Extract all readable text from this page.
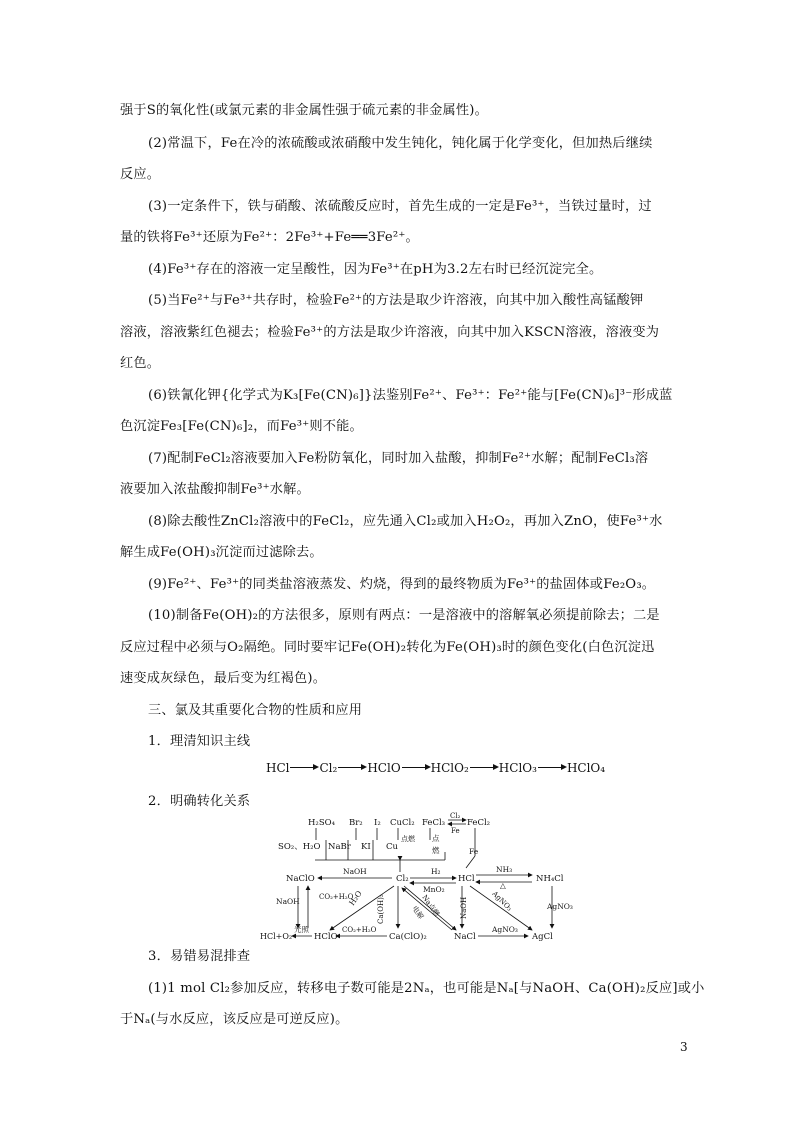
强于S的氧化性(或氯元素的非金属性强于硫元素的非金属性)。
(2)常温下，Fe在冷的浓硫酸或浓硝酸中发生钝化，钝化属于化学变化，但加热后继续
反应。
(3)一定条件下，铁与硝酸、浓硫酸反应时，首先生成的一定是Fe³⁺，当铁过量时，过
量的铁将Fe³⁺还原为Fe²⁺：2Fe³⁺+Fe══3Fe²⁺。
(4)Fe³⁺存在的溶液一定呈酸性，因为Fe³⁺在pH为3.2左右时已经沉淀完全。
(5)当Fe²⁺与Fe³⁺共存时，检验Fe²⁺的方法是取少许溶液，向其中加入酸性高锰酸钾
溶液，溶液紫红色褪去；检验Fe³⁺的方法是取少许溶液，向其中加入KSCN溶液，溶液变为
红色。
(6)铁氰化钾{化学式为K₃[Fe(CN)₆]}法鉴别Fe²⁺、Fe³⁺：Fe²⁺能与[Fe(CN)₆]³⁻形成蓝
色沉淀Fe₃[Fe(CN)₆]₂，而Fe³⁺则不能。
(7)配制FeCl₂溶液要加入Fe粉防氧化，同时加入盐酸，抑制Fe²⁺水解；配制FeCl₃溶
液要加入浓盐酸抑制Fe³⁺水解。
(8)除去酸性ZnCl₂溶液中的FeCl₂，应先通入Cl₂或加入H₂O₂，再加入ZnO，使Fe³⁺水
解生成Fe(OH)₃沉淀而过滤除去。
(9)Fe²⁺、Fe³⁺的同类盐溶液蒸发、灼烧，得到的最终物质为Fe³⁺的盐固体或Fe₂O₃。
(10)制备Fe(OH)₂的方法很多，原则有两点：一是溶液中的溶解氧必须提前除去；二是
反应过程中必须与O₂隔绝。同时要牢记Fe(OH)₂转化为Fe(OH)₃时的颜色变化(白色沉淀迅
速变成灰绿色，最后变为红褐色)。
三、氯及其重要化合物的性质和应用
1．理清知识主线
HCl	Cl₂	HClO	HClO₂	HClO₃	HClO₄
2．明确转化关系
H₂SO₄ Br₂ I₂ CuCl₂ FeCl₃	FeCl₂
Cl₂
Fe
SO₂、H₂O NaBr KI Cu
点燃 点
燃	Fe
NaClO
NaOH
Cl₂
H₂
HCl
NH₃
△
NH₄Cl
NaOH	CO₂+H₂O
H₂O Ca(OH)₂
MnO₂
Na点燃
电解	NaOH	AgNO₃	AgNO₃
HCl+O₂
光照
HClO
CO₂+H₂O
Ca(ClO)₂	NaCl
AgNO₃
AgCl
3．易错易混排查
(1)1 mol Cl₂参加反应，转移电子数可能是2Nₐ，也可能是Nₐ[与NaOH、Ca(OH)₂反应]或小
于Nₐ(与水反应，该反应是可逆反应)。
3
